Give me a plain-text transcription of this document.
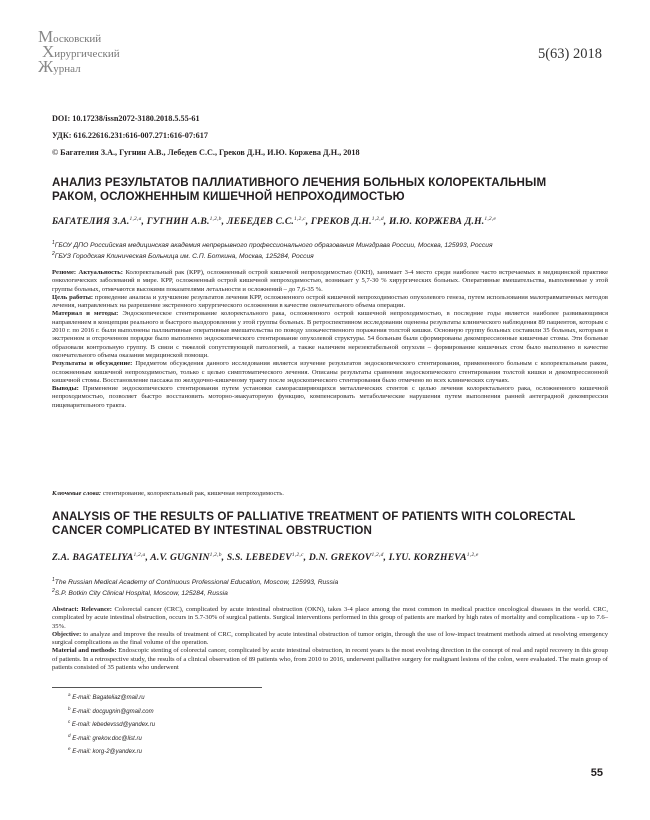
Московский
Хирургический
Журнал
5(63) 2018
DOI: 10.17238/issn2072-3180.2018.5.55-61
УДК: 616.22616.231:616-007.271:616-07:617
© Багателия З.А., Гугнин А.В., Лебедев С.С., Греков Д.Н., И.Ю. Коржева Д.Н., 2018
АНАЛИЗ РЕЗУЛЬТАТОВ ПАЛЛИАТИВНОГО ЛЕЧЕНИЯ БОЛЬНЫХ КОЛОРЕКТАЛЬНЫМ
РАКОМ, ОСЛОЖНЕННЫМ КИШЕЧНОЙ НЕПРОХОДИМОСТЬЮ
БАГАТЕЛИЯ З.А.$^{1,2,a}$, ГУГНИН А.В.$^{1,2,b}$, ЛЕБЕДЕВ С.С.$^{1,2,c}$, ГРЕКОВ Д.Н.$^{1,2,d}$, И.Ю. КОРЖЕВА Д.Н.$^{1,2,e}$
$^1$ГБОУ ДПО Российская медицинская академия непрерывного профессионального образования Минздрава России, Москва, 125993, Россия
$^2$ГБУЗ Городская Клиническая Больница им. С.П. Боткина, Москва, 125284, Россия

Резюме: Актуальность: Колоректальный рак (КРР), осложненный острой кишечной непроходимостью (ОКН), занимает 3-4 место среди наиболее часто встречаемых в медицинской практике онкологических заболеваний в мире. КРР, осложненный острой кишечной непроходимостью, возникает у 5,7-30 % хирургических больных. Оперативные вмешательства, выполняемые у этой группы больных, отмечаются высокими показателями летальности и осложнений – до 7,6-35 %.

Цель работы: проведение анализа и улучшение результатов лечения КРР, осложненного острой кишечной непроходимостью опухолевого генеза, путем использования малотравматичных методов лечения, направленных на разрешение экстренного хирургического осложнения в качестве окончательного объема операции.

Материал и методы: Эндоскопическое стентирование колоректального рака, осложненного острой кишечной непроходимостью, в последние годы является наиболее развивающимся направлением в концепции реального и быстрого выздоровления у этой группы больных. В ретроспективном исследовании оценены результаты клинического наблюдения 89 пациентов, которым с 2010 г. по 2016 г. были выполнены паллиативные оперативные вмешательства по поводу злокачественного поражения толстой кишки. Основную группу больных составили 35 больных, которым в экстренном и отсроченном порядке было выполнено эндоскопического стентирование опухолевой структуры. 54 больным были сформированы декомпрессионные кишечные стомы. Эти больные образовали контрольную группу. В связи с тяжелой сопутствующей патологией, а также наличием нерезектабельной опухоли – формирование кишечных стом было выполнено в качестве окончательного объема оказания медицинской помощи.

Результаты и обсуждение: Предметом обсуждения данного исследования является изучение результатов эндоскопического стентирования, примененного больным с колоректальным раком, осложненным кишечной непроходимостью, только с целью симптоматического лечения. Описаны результаты сравнения эндоскопического стентирования толстой кишки и декомпрессионной кишечной стомы. Восстановление пассажа по желудочно-кишечному тракту после эндоскопического стентирования было отмечено во всех клинических случаях.

Выводы: Применение эндоскопического стентирования путем установки саморасширяющихся металлических стентов с целью лечения колоректального рака, осложненного кишечной непроходимостью, позволяет быстро восстановить моторно-эвакуаторную функцию, компенсировать метаболические нарушения путем выполнения ранней антеградной декомпрессии пищеварительного тракта.

Ключевые слова: стентирование, колоректальный рак, кишечная непроходимость.
ANALYSIS OF THE RESULTS OF PALLIATIVE TREATMENT OF PATIENTS WITH COLORECTAL
CANCER COMPLICATED BY INTESTINAL OBSTRUCTION
Z.A. BAGATELIYA$^{1,2,a}$, A.V. GUGNIN$^{1,2,b}$, S.S. LEBEDEV$^{1,2,c}$, D.N. GREKOV$^{1,2,d}$, I.YU. KORZHEVA$^{1,2,e}$
$^1$The Russian Medical Academy of Continuous Professional Education, Moscow, 125993, Russia
$^2$S.P. Botkin City Clinical Hospital, Moscow, 125284, Russia

Abstract: Relevance: Colorectal cancer (CRC), complicated by acute intestinal obstruction (OKN), takes 3-4 place among the most common in medical practice oncological diseases in the world. CRC, complicated by acute intestinal obstruction, occurs in 5.7-30% of surgical patients. Surgical interventions performed in this group of patients are marked by high rates of mortality and complications - up to 7.6–35%.

Objective: to analyze and improve the results of treatment of CRC, complicated by acute intestinal obstruction of tumor origin, through the use of low-impact treatment methods aimed at resolving emergency surgical complications as the final volume of the operation.

Material and methods: Endoscopic stenting of colorectal cancer, complicated by acute intestinal obstruction, in recent years is the most evolving direction in the concept of real and rapid recovery in this group of patients. In a retrospective study, the results of a clinical observation of 89 patients who, from 2010 to 2016, underwent palliative surgery for malignant lesions of the colon, were evaluated. The main group of patients consisted of 35 patients who underwent

$^a$ E-mail: Bagateliaz@mail.ru
$^b$ E-mail: docgugnin@gmail.com
$^c$ E-mail: lebedevssd@yandex.ru
$^d$ E-mail: grekov.doc@list.ru
$^e$ E-mail: korg-2@yandex.ru
55
